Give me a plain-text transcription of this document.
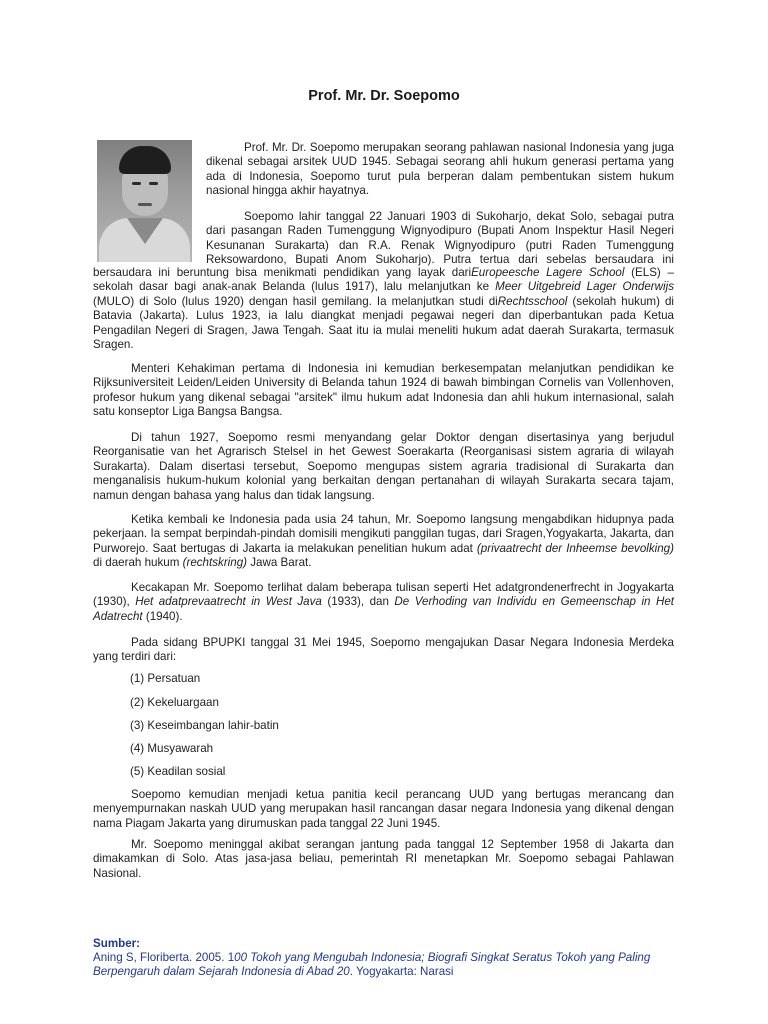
Prof. Mr. Dr. Soepomo

Prof. Mr. Dr. Soepomo merupakan seorang pahlawan nasional Indonesia yang juga dikenal sebagai arsitek UUD 1945. Sebagai seorang ahli hukum generasi pertama yang ada di Indonesia, Soepomo turut pula berperan dalam pembentukan sistem hukum nasional hingga akhir hayatnya.

Soepomo lahir tanggal 22 Januari 1903 di Sukoharjo, dekat Solo, sebagai putra dari pasangan Raden Tumenggung Wignyodipuro (Bupati Anom Inspektur Hasil Negeri Kesunanan Surakarta) dan R.A. Renak Wignyodipuro (putri Raden Tumenggung Reksowardono, Bupati Anom Sukoharjo). Putra tertua dari sebelas bersaudara ini

bersaudara ini beruntung bisa menikmati pendidikan yang layak dariEuropeesche Lagere School (ELS) – sekolah dasar bagi anak-anak Belanda (lulus 1917), lalu melanjutkan ke Meer Uitgebreid Lager Onderwijs (MULO) di Solo (lulus 1920) dengan hasil gemilang. Ia melanjutkan studi diRechtsschool (sekolah hukum) di Batavia (Jakarta). Lulus 1923, ia lalu diangkat menjadi pegawai negeri dan diperbantukan pada Ketua Pengadilan Negeri di Sragen, Jawa Tengah. Saat itu ia mulai meneliti hukum adat daerah Surakarta, termasuk Sragen.

Menteri Kehakiman pertama di Indonesia ini kemudian berkesempatan melanjutkan pendidikan ke Rijksuniversiteit Leiden/Leiden University di Belanda tahun 1924 di bawah bimbingan Cornelis van Vollenhoven, profesor hukum yang dikenal sebagai "arsitek" ilmu hukum adat Indonesia dan ahli hukum internasional, salah satu konseptor Liga Bangsa Bangsa.

Di tahun 1927, Soepomo resmi menyandang gelar Doktor dengan disertasinya yang berjudul Reorganisatie van het Agrarisch Stelsel in het Gewest Soerakarta (Reorganisasi sistem agraria di wilayah Surakarta). Dalam disertasi tersebut, Soepomo mengupas sistem agraria tradisional di Surakarta dan menganalisis hukum-hukum kolonial yang berkaitan dengan pertanahan di wilayah Surakarta secara tajam, namun dengan bahasa yang halus dan tidak langsung.

Ketika kembali ke Indonesia pada usia 24 tahun, Mr. Soepomo langsung mengabdikan hidupnya pada pekerjaan. Ia sempat berpindah-pindah domisili mengikuti panggilan tugas, dari Sragen,Yogyakarta, Jakarta, dan Purworejo. Saat bertugas di Jakarta ia melakukan penelitian hukum adat (privaatrecht der Inheemse bevolking) di daerah hukum (rechtskring) Jawa Barat.

Kecakapan Mr. Soepomo terlihat dalam beberapa tulisan seperti Het adatgrondenerfrecht in Jogyakarta (1930), Het adatprevaatrecht in West Java (1933), dan De Verhoding van Individu en Gemeenschap in Het Adatrecht (1940).

Pada sidang BPUPKI tanggal 31 Mei 1945, Soepomo mengajukan Dasar Negara Indonesia Merdeka yang terdiri dari:

(1) Persatuan
(2) Kekeluargaan
(3) Keseimbangan lahir-batin
(4) Musyawarah
(5) Keadilan sosial

Soepomo kemudian menjadi ketua panitia kecil perancang UUD yang bertugas merancang dan menyempurnakan naskah UUD yang merupakan hasil rancangan dasar negara Indonesia yang dikenal dengan nama Piagam Jakarta yang dirumuskan pada tanggal 22 Juni 1945.

Mr. Soepomo meninggal akibat serangan jantung pada tanggal 12 September 1958 di Jakarta dan dimakamkan di Solo. Atas jasa-jasa beliau, pemerintah RI menetapkan Mr. Soepomo sebagai Pahlawan Nasional.

Sumber:
Aning S, Floriberta. 2005. 100 Tokoh yang Mengubah Indonesia; Biografi Singkat Seratus Tokoh yang Paling Berpengaruh dalam Sejarah Indonesia di Abad 20. Yogyakarta: Narasi
